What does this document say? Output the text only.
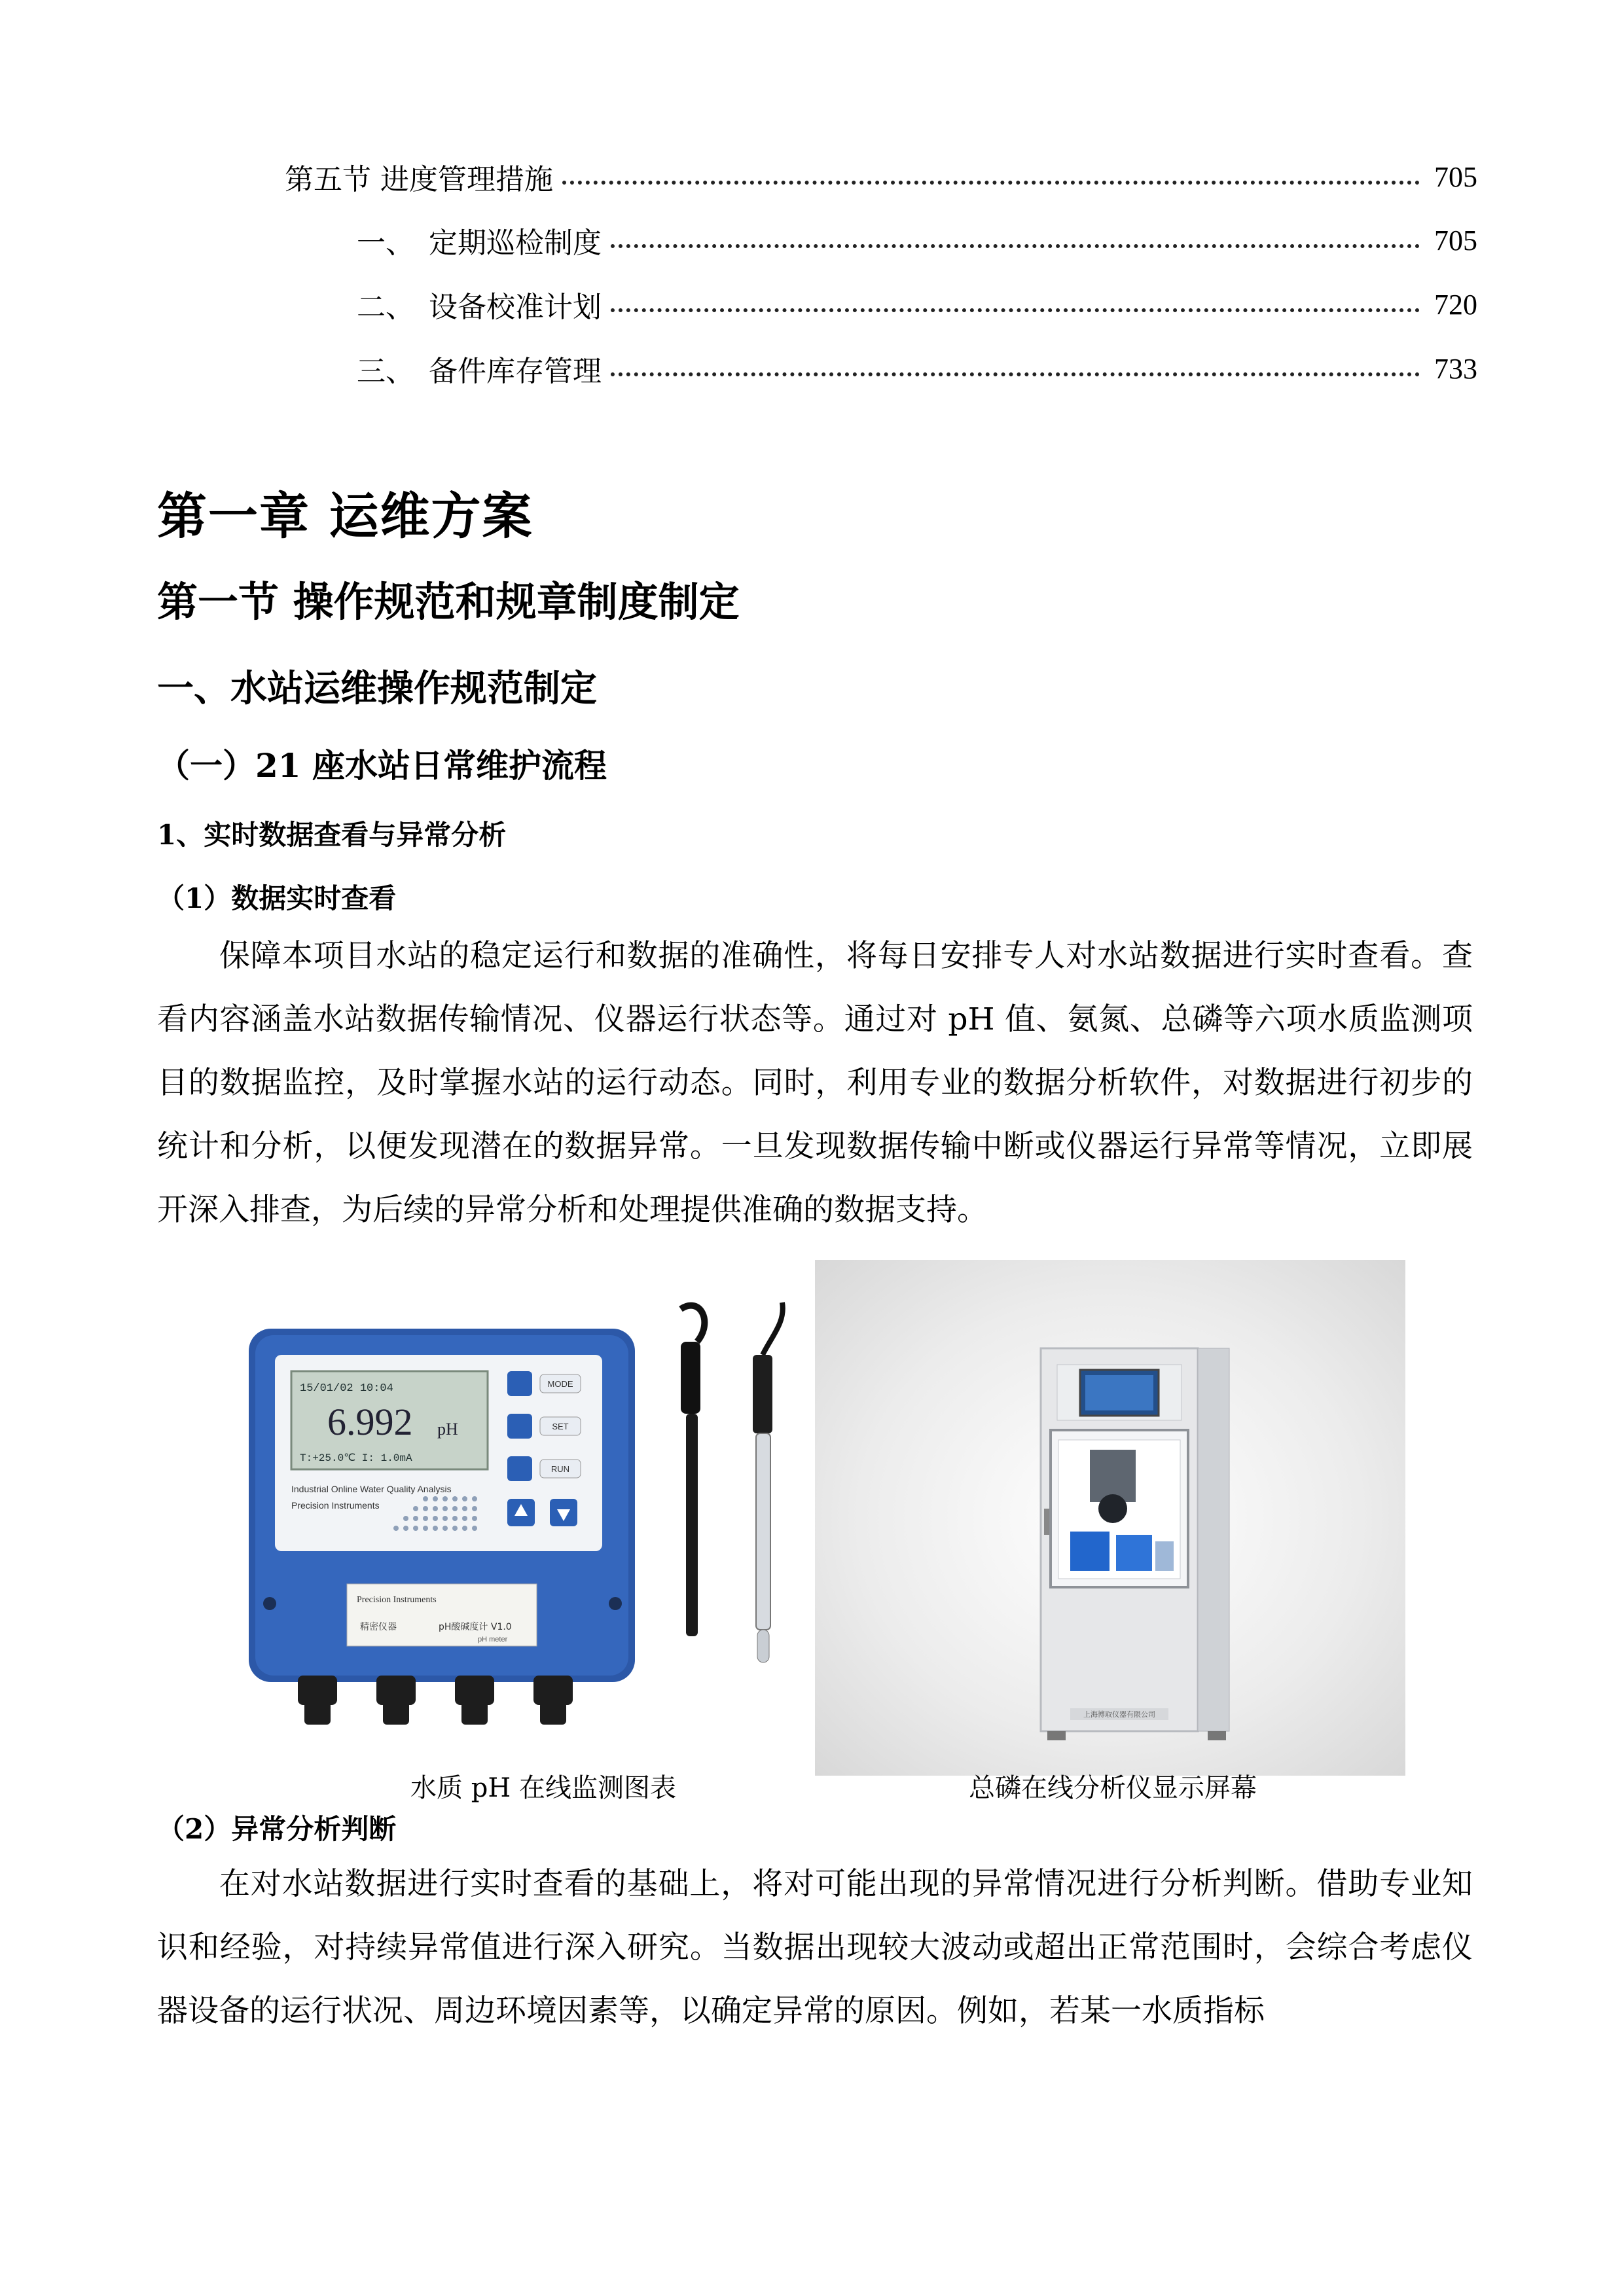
第五节 进度管理措施	705
一、 定期巡检制度	705
二、 设备校准计划	720
三、 备件库存管理	733
第一章 运维方案
第一节 操作规范和规章制度制定
一、水站运维操作规范制定
（一）21 座水站日常维护流程
1、实时数据查看与异常分析
（1）数据实时查看
保障本项目水站的稳定运行和数据的准确性，将每日安排专人对水站数据进行实时查看。查看内容涵盖水站数据传输情况、仪器运行状态等。通过对 pH 值、氨氮、总磷等六项水质监测项目的数据监控，及时掌握水站的运行动态。同时，利用专业的数据分析软件，对数据进行初步的统计和分析，以便发现潜在的数据异常。一旦发现数据传输中断或仪器运行异常等情况，立即展开深入排查，为后续的异常分析和处理提供准确的数据支持。
15/01/02 10:04
6.992 pH
T:+25.0℃ I: 1.0mA
MODE
SET
RUN
Industrial Online Water Quality Analysis
Precision Instruments
Precision Instruments
精密仪器	pH酸碱度计 V1.0
pH meter
上海博取仪器有限公司
水质 pH 在线监测图表	总磷在线分析仪显示屏幕
（2）异常分析判断
在对水站数据进行实时查看的基础上，将对可能出现的异常情况进行分析判断。借助专业知识和经验，对持续异常值进行深入研究。当数据出现较大波动或超出正常范围时，会综合考虑仪器设备的运行状况、周边环境因素等，以确定异常的原因。例如，若某一水质指标
